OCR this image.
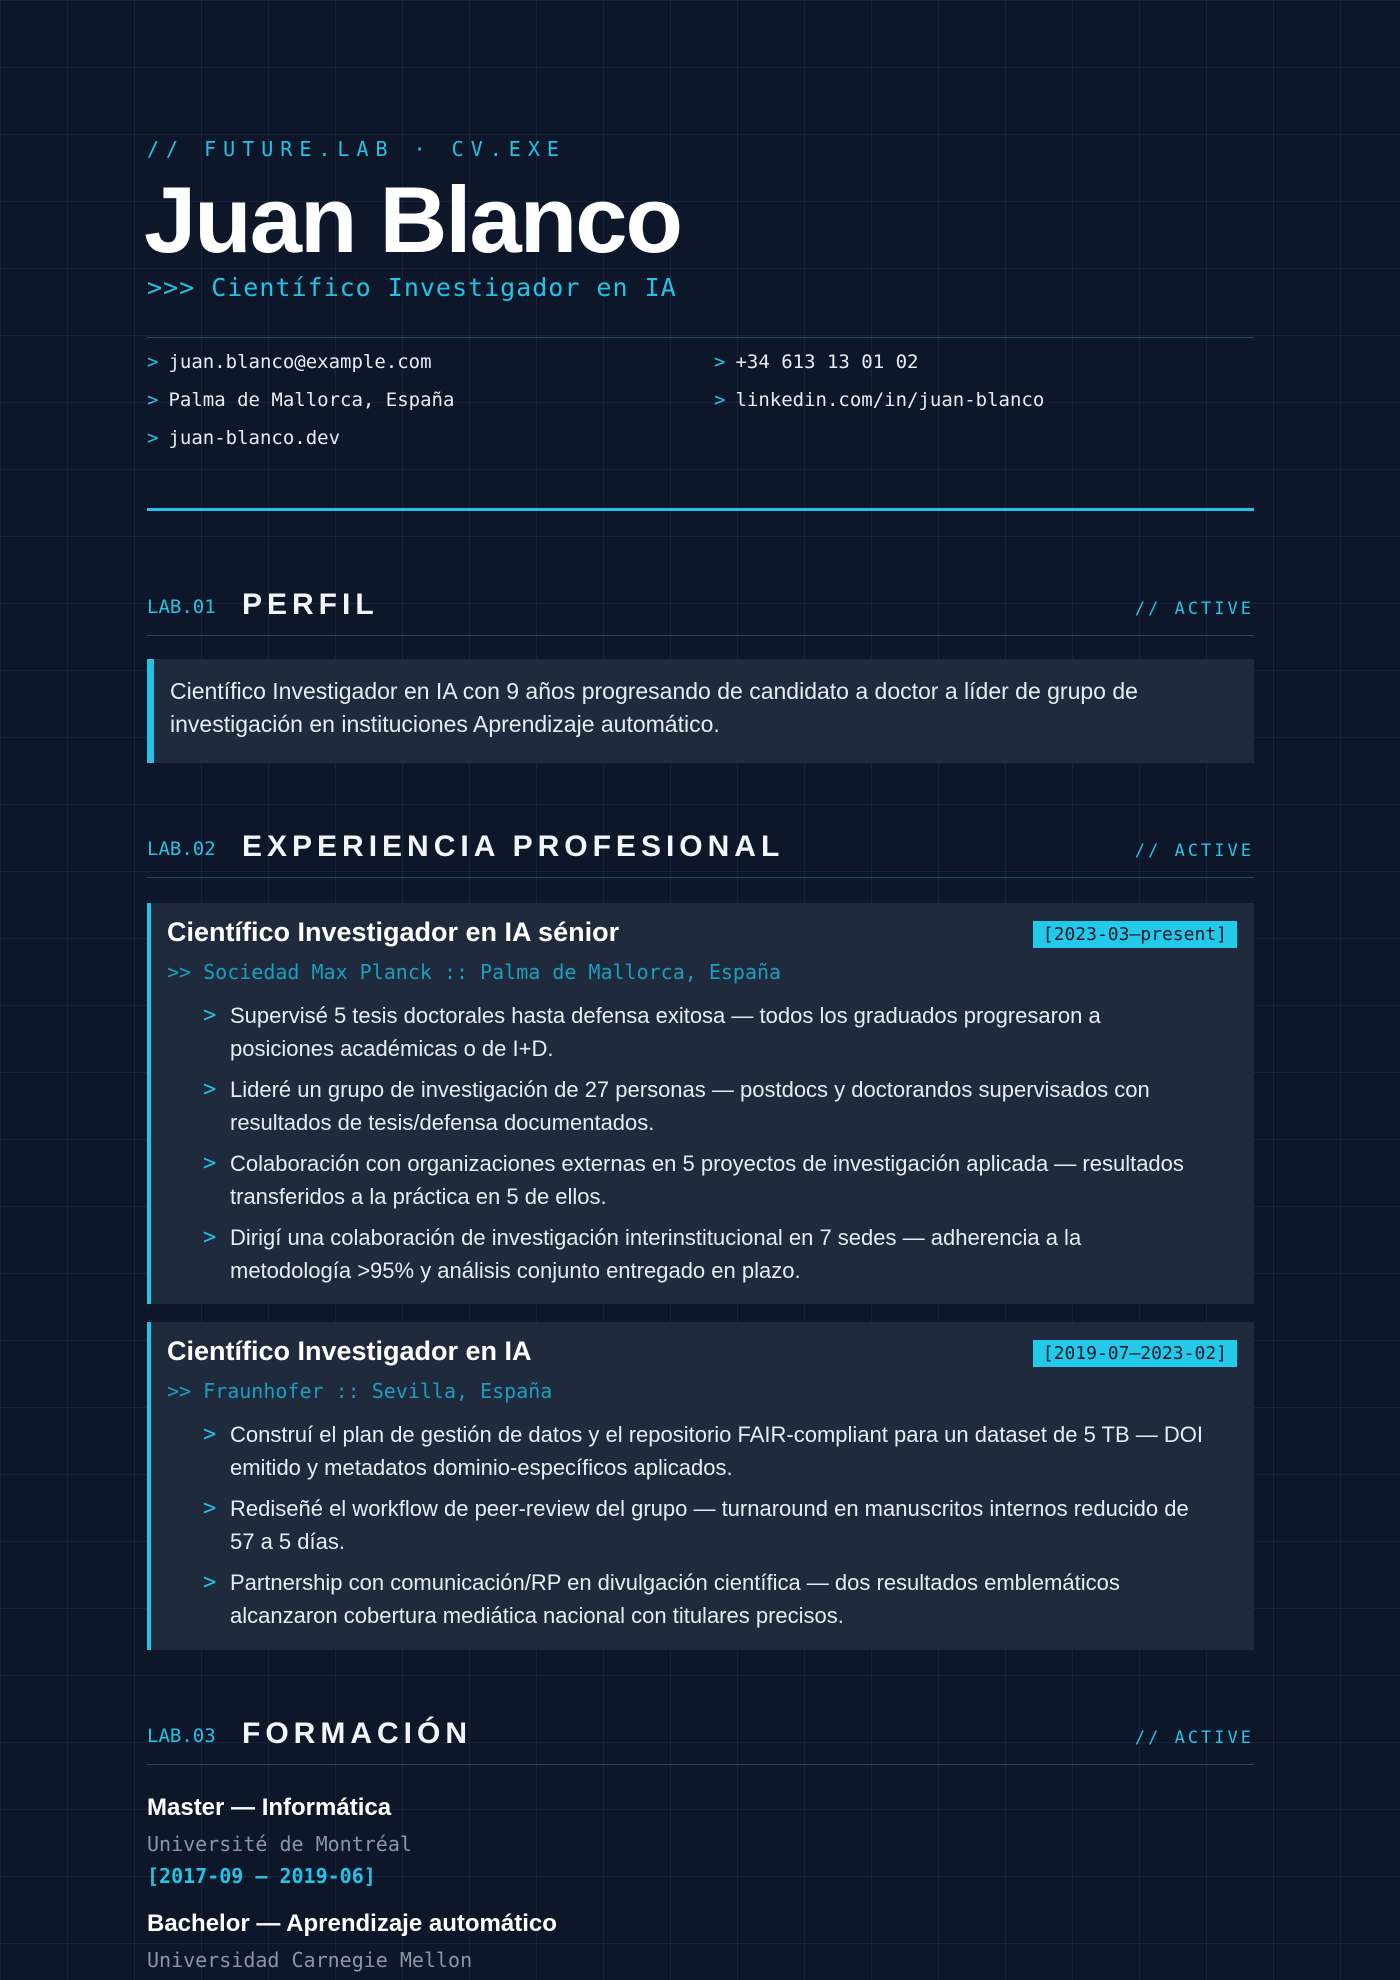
// FUTURE.LAB · CV.EXE
Juan Blanco
>>> Científico Investigador en IA
> juan.blanco@example.com	> +34 613 13 01 02
> Palma de Mallorca, España	> linkedin.com/in/juan-blanco
> juan-blanco.dev
LAB.01 PERFIL	// ACTIVE
Científico Investigador en IA con 9 años progresando de candidato a doctor a líder de grupo de investigación en instituciones Aprendizaje automático.
LAB.02 EXPERIENCIA PROFESIONAL	// ACTIVE
Científico Investigador en IA sénior	[2023-03–present]
>> Sociedad Max Planck :: Palma de Mallorca, España
> Supervisé 5 tesis doctorales hasta defensa exitosa — todos los graduados progresaron a posiciones académicas o de I+D.
> Lideré un grupo de investigación de 27 personas — postdocs y doctorandos supervisados con resultados de tesis/defensa documentados.
> Colaboración con organizaciones externas en 5 proyectos de investigación aplicada — resultados transferidos a la práctica en 5 de ellos.
> Dirigí una colaboración de investigación interinstitucional en 7 sedes — adherencia a la metodología >95% y análisis conjunto entregado en plazo.
Científico Investigador en IA	[2019-07–2023-02]
>> Fraunhofer :: Sevilla, España
> Construí el plan de gestión de datos y el repositorio FAIR-compliant para un dataset de 5 TB — DOI emitido y metadatos dominio-específicos aplicados.
> Rediseñé el workflow de peer-review del grupo — turnaround en manuscritos internos reducido de 57 a 5 días.
> Partnership con comunicación/RP en divulgación científica — dos resultados emblemáticos alcanzaron cobertura mediática nacional con titulares precisos.
LAB.03 FORMACIÓN	// ACTIVE
Master — Informática
Université de Montréal
[2017-09 – 2019-06]
Bachelor — Aprendizaje automático
Universidad Carnegie Mellon
